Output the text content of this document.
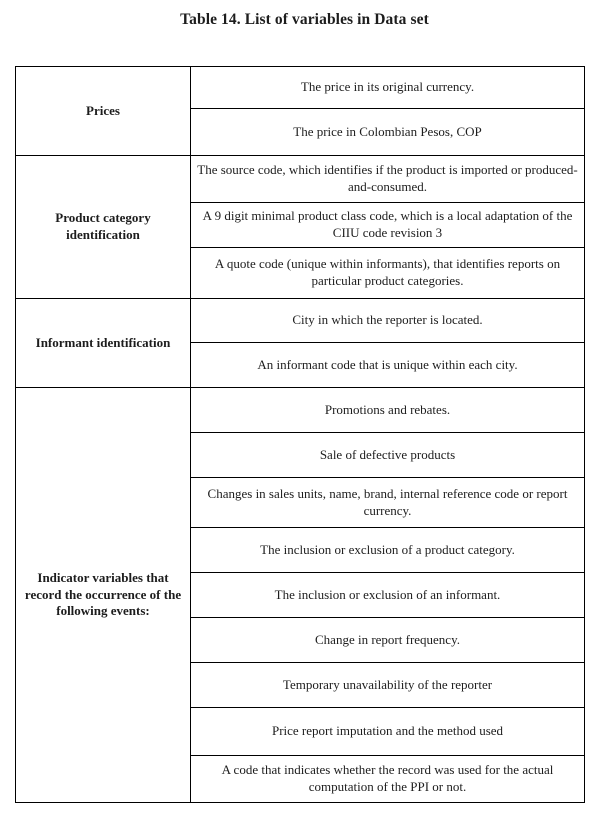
Table 14. List of variables in Data set
Prices	The price in its original currency.
	The price in Colombian Pesos, COP
Product category identification	The source code, which identifies if the product is imported or produced-and-consumed.
	A 9 digit minimal product class code, which is a local adaptation of the CIIU code revision 3
	A quote code (unique within informants), that identifies reports on particular product categories.
Informant identification	City in which the reporter is located.
	An informant code that is unique within each city.
Indicator variables that record the occurrence of the following events:	Promotions and rebates.
	Sale of defective products
	Changes in sales units, name, brand, internal reference code or report currency.
	The inclusion or exclusion of a product category.
	The inclusion or exclusion of an informant.
	Change in report frequency.
	Temporary unavailability of the reporter
	Price report imputation and the method used
	A code that indicates whether the record was used for the actual computation of the PPI or not.
